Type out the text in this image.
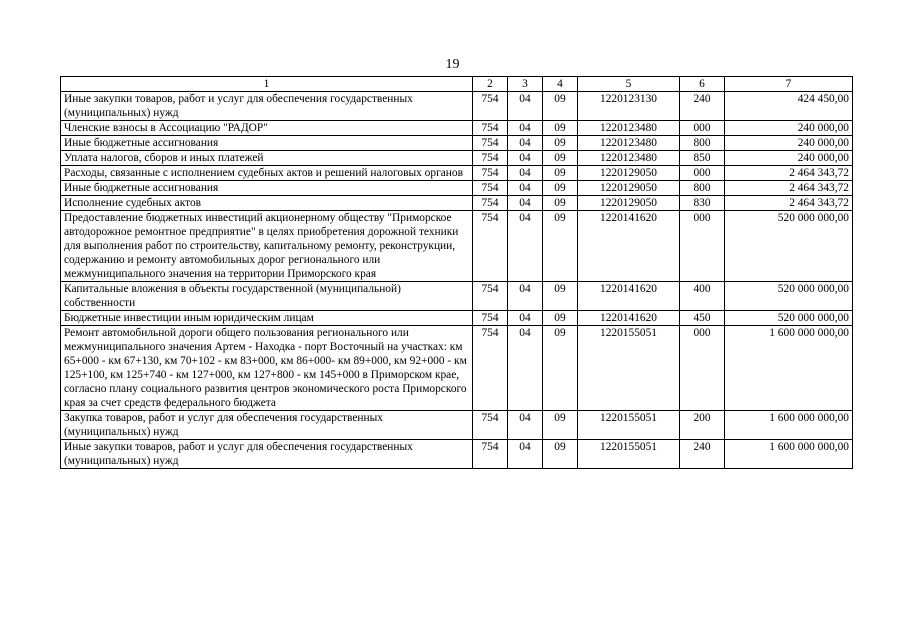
19
1	2	3	4	5	6	7
Иные закупки товаров, работ и услуг для обеспечения государственных (муниципальных) нужд	754	04	09	1220123130	240	424 450,00
Членские взносы в Ассоциацию "РАДОР"	754	04	09	1220123480	000	240 000,00
Иные бюджетные ассигнования	754	04	09	1220123480	800	240 000,00
Уплата налогов, сборов и иных платежей	754	04	09	1220123480	850	240 000,00
Расходы, связанные с исполнением судебных актов и решений налоговых органов	754	04	09	1220129050	000	2 464 343,72
Иные бюджетные ассигнования	754	04	09	1220129050	800	2 464 343,72
Исполнение судебных актов	754	04	09	1220129050	830	2 464 343,72
Предоставление бюджетных инвестиций акционерному обществу "Приморское автодорожное ремонтное предприятие" в целях приобретения дорожной техники для выполнения работ по строительству, капитальному ремонту, реконструкции, содержанию и ремонту автомобильных дорог регионального или межмуниципального значения на территории Приморского края	754	04	09	1220141620	000	520 000 000,00
Капитальные вложения в объекты государственной (муниципальной) собственности	754	04	09	1220141620	400	520 000 000,00
Бюджетные инвестиции иным юридическим лицам	754	04	09	1220141620	450	520 000 000,00
Ремонт автомобильной дороги общего пользования регионального или межмуниципального значения Артем - Находка - порт Восточный на участках: км 65+000 - км 67+130, км 70+102 - км 83+000, км 86+000- км 89+000, км 92+000 - км 125+100, км 125+740 - км 127+000, км 127+800 - км 145+000 в Приморском крае, согласно плану социального развития центров экономического роста Приморского края за счет средств федерального бюджета	754	04	09	1220155051	000	1 600 000 000,00
Закупка товаров, работ и услуг для обеспечения государственных (муниципальных) нужд	754	04	09	1220155051	200	1 600 000 000,00
Иные закупки товаров, работ и услуг для обеспечения государственных (муниципальных) нужд	754	04	09	1220155051	240	1 600 000 000,00
